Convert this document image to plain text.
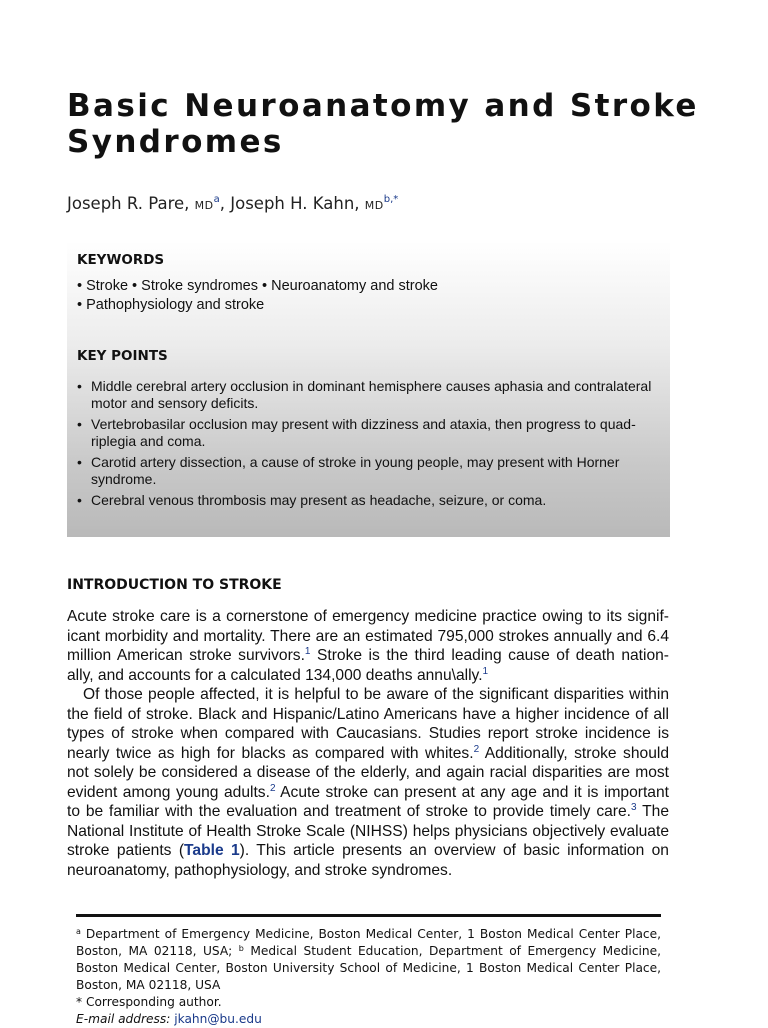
Basic Neuroanatomy and Stroke Syndromes
Joseph R. Pare, $MD^a$, Joseph H. Kahn, $MD^{b,*}$
KEYWORDS
• Stroke • Stroke syndromes • Neuroanatomy and stroke
• Pathophysiology and stroke
KEY POINTS
• Middle cerebral artery occlusion in dominant hemisphere causes aphasia and contralateral motor and sensory deficits.
• Vertebrobasilar occlusion may present with dizziness and ataxia, then progress to quad-riplegia and coma.
• Carotid artery dissection, a cause of stroke in young people, may present with Horner syndrome.
• Cerebral venous thrombosis may present as headache, seizure, or coma.
INTRODUCTION TO STROKE

Acute stroke care is a cornerstone of emergency medicine practice owing to its signif-icant morbidity and mortality. There are an estimated 795,000 strokes annually and 6.4 million American stroke survivors.$^1$ Stroke is the third leading cause of death nation-ally, and accounts for a calculated 134,000 deaths annu\ally.$^1$

Of those people affected, it is helpful to be aware of the significant disparities within the field of stroke. Black and Hispanic/Latino Americans have a higher incidence of all types of stroke when compared with Caucasians. Studies report stroke incidence is nearly twice as high for blacks as compared with whites.$^2$ Additionally, stroke should not solely be considered a disease of the elderly, and again racial disparities are most evident among young adults.$^2$ Acute stroke can present at any age and it is important to be familiar with the evaluation and treatment of stroke to provide timely care.$^3$ The National Institute of Health Stroke Scale (NIHSS) helps physicians objectively evaluate stroke patients (Table 1). This article presents an overview of basic information on neuroanatomy, pathophysiology, and stroke syndromes.

$^a$ Department of Emergency Medicine, Boston Medical Center, 1 Boston Medical Center Place, Boston, MA 02118, USA; $^b$ Medical Student Education, Department of Emergency Medicine, Boston Medical Center, Boston University School of Medicine, 1 Boston Medical Center Place, Boston, MA 02118, USA
* Corresponding author.
E-mail address: jkahn@bu.edu
